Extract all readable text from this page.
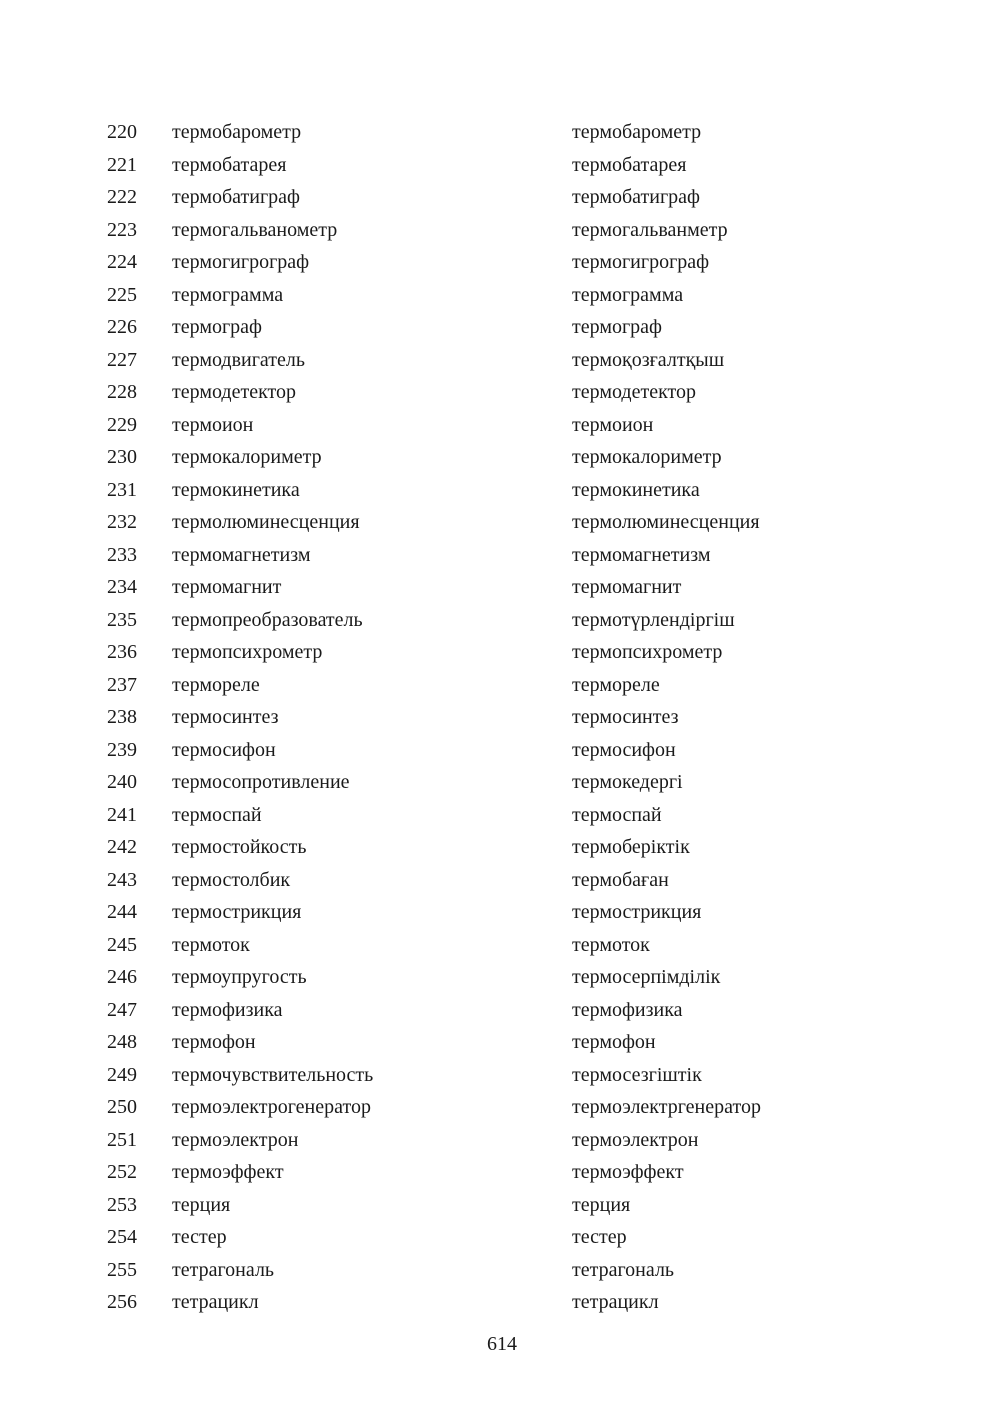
220 термобарометр	термобарометр
221 термобатарея	термобатарея
222 термобатиграф	термобатиграф
223 термогальванометр	термогальванметр
224 термогигрограф	термогигрограф
225 термограмма	термограмма
226 термограф	термограф
227 термодвигатель	термоқозғалтқыш
228 термодетектор	термодетектор
229 термоион	термоион
230 термокалориметр	термокалориметр
231 термокинетика	термокинетика
232 термолюминесценция	термолюминесценция
233 термомагнетизм	термомагнетизм
234 термомагнит	термомагнит
235 термопреобразователь	термотүрлендіргіш
236 термопсихрометр	термопсихрометр
237 термореле	термореле
238 термосинтез	термосинтез
239 термосифон	термосифон
240 термосопротивление	термокедергі
241 термоспай	термоспай
242 термостойкость	термоберіктік
243 термостолбик	термобаған
244 термострикция	термострикция
245 термоток	термоток
246 термоупругость	термосерпімділік
247 термофизика	термофизика
248 термофон	термофон
249 термочувствительность	термосезгіштік
250 термоэлектрогенератор	термоэлектргенератор
251 термоэлектрон	термоэлектрон
252 термоэффект	термоэффект
253 терция	терция
254 тестер	тестер
255 тетрагональ	тетрагональ
256 тетрацикл	тетрацикл
614
